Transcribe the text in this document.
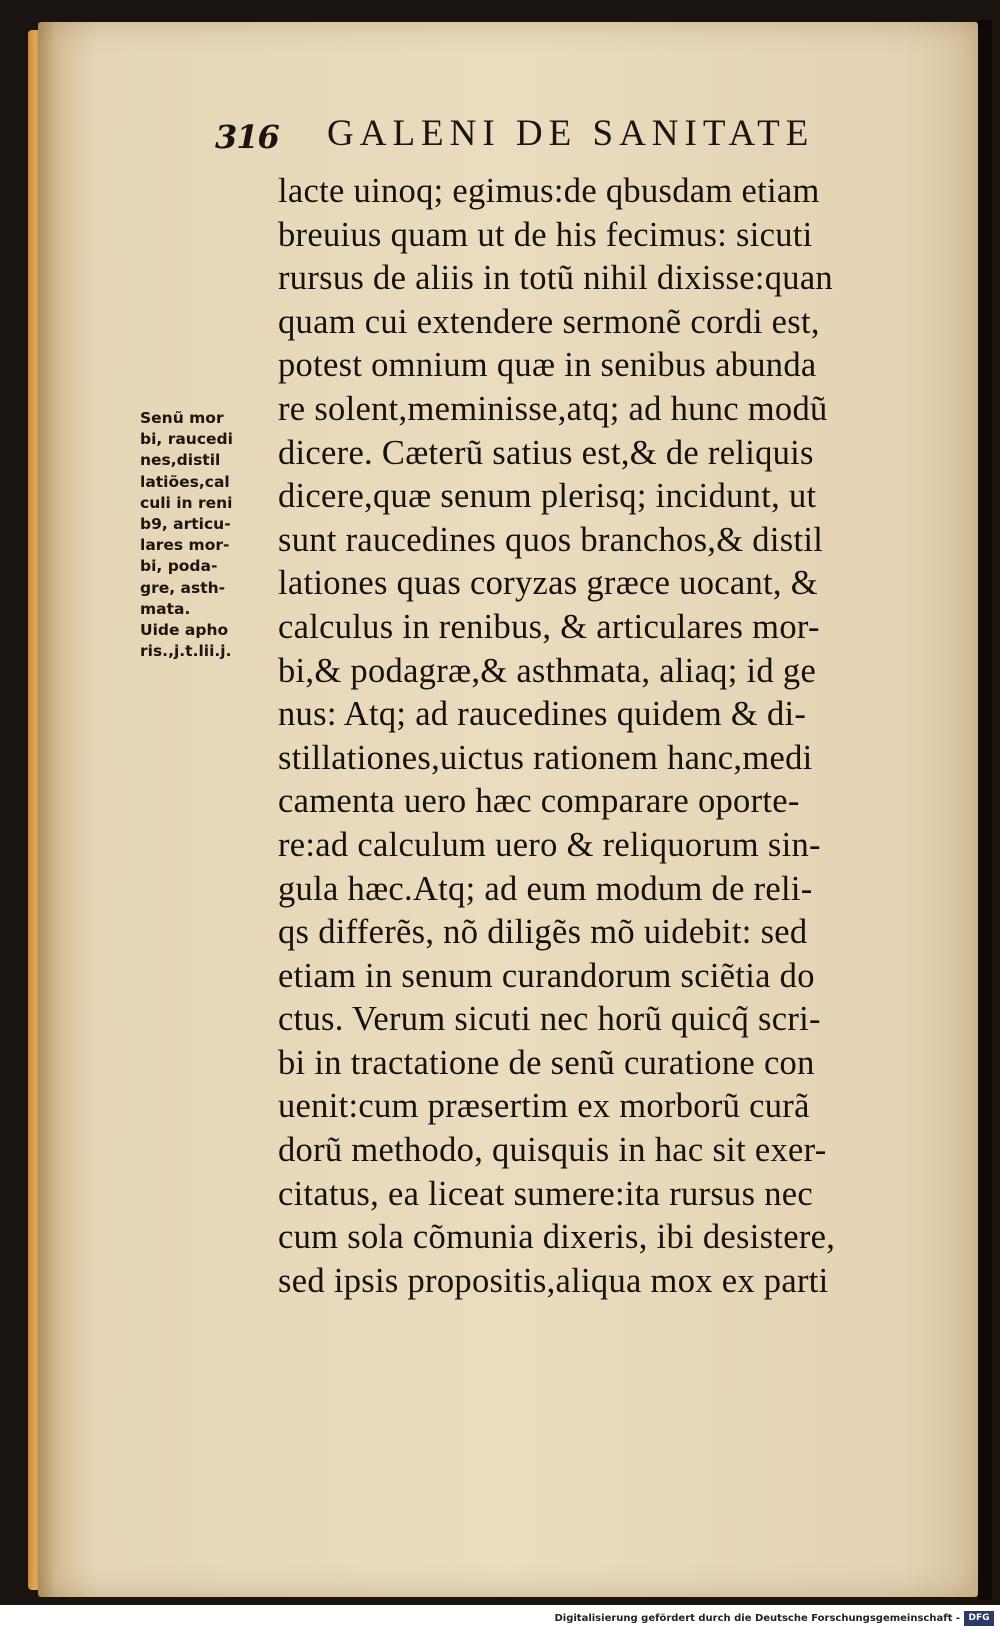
316 GALENI DE SANITATE
Senũ mor
bi, raucedi
nes,distil
latiões,cal
culi in reni
b9, articu-
lares mor-
bi, poda-
gre, asth-
mata.
Uide apho
ris.,j.t.lii.j.
lacte uinoq; egimus:de qbusdam etiam
breuius quam ut de his fecimus: sicuti
rursus de aliis in totũ nihil dixisse:quan
quam cui extendere sermonẽ cordi est,
potest omnium quæ in senibus abunda
re solent,meminisse,atq; ad hunc modũ
dicere. Cæterũ satius est,& de reliquis
dicere,quæ senum plerisq; incidunt, ut
sunt raucedines quos branchos,& distil
lationes quas coryzas græce uocant, &
calculus in renibus, & articulares mor-
bi,& podagræ,& asthmata, aliaq; id ge
nus: Atq; ad raucedines quidem & di-
stillationes,uictus rationem hanc,medi
camenta uero hæc comparare oporte-
re:ad calculum uero & reliquorum sin-
gula hæc.Atq; ad eum modum de reli-
qs differẽs, nõ diligẽs mõ uidebit: sed
etiam in senum curandorum sciẽtia do
ctus. Verum sicuti nec horũ quicq̃ scri-
bi in tractatione de senũ curatione con
uenit:cum præsertim ex morborũ curã
dorũ methodo, quisquis in hac sit exer-
citatus, ea liceat sumere:ita rursus nec
cum sola cõmunia dixeris, ibi desistere,
sed ipsis propositis,aliqua mox ex parti
Digitalisierung gefördert durch die Deutsche Forschungsgemeinschaft - DFG
